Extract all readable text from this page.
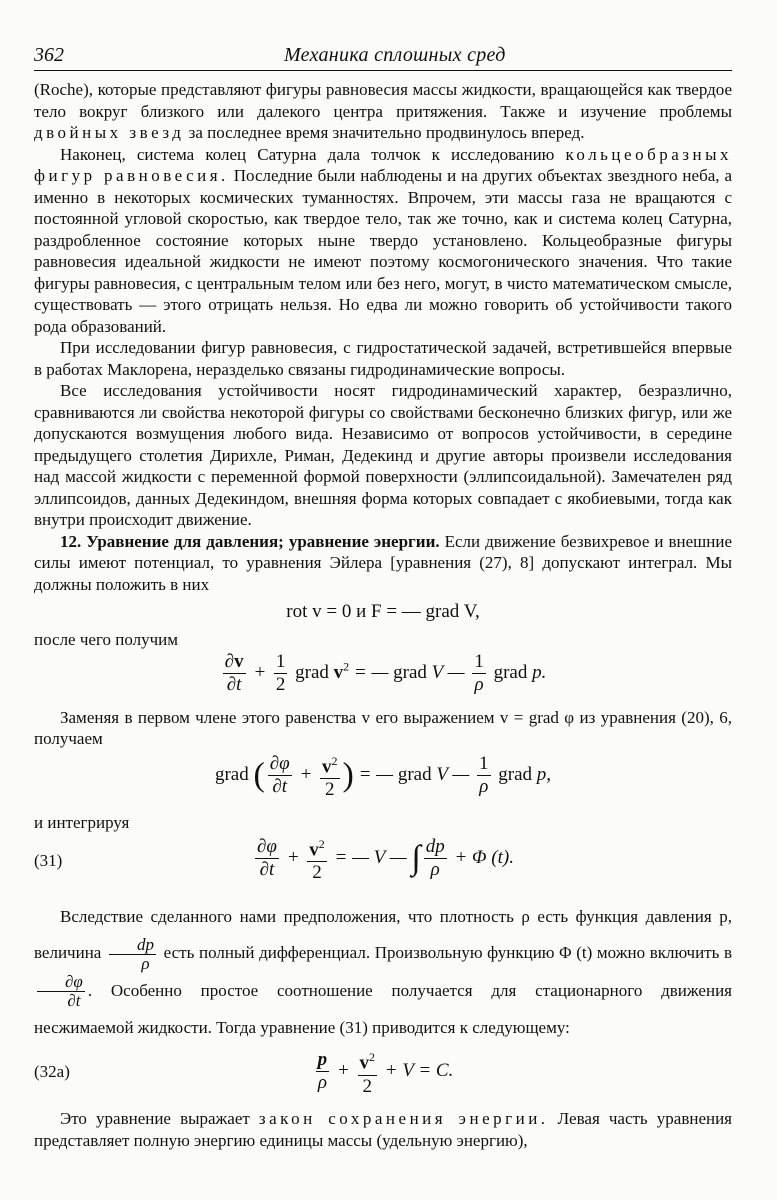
362	Механика сплошных сред

(Roche), которые представляют фигуры равновесия массы жидкости, вращающейся как твердое тело вокруг близкого или далекого центра притяжения. Также и изучение проблемы двойных звезд за последнее время значительно продвинулось вперед.

Наконец, система колец Сатурна дала толчок к исследованию кольцеобразных фигур равновесия. Последние были наблюдены и на других объектах звездного неба, а именно в некоторых космических туманностях. Впрочем, эти массы газа не вращаются с постоянной угловой скоростью, как твердое тело, так же точно, как и система колец Сатурна, раздробленное состояние которых ныне твердо установлено. Кольцеобразные фигуры равновесия идеальной жидкости не имеют поэтому космогонического значения. Что такие фигуры равновесия, с центральным телом или без него, могут, в чисто математическом смысле, существовать — этого отрицать нельзя. Но едва ли можно говорить об устойчивости такого рода образований.

При исследовании фигур равновесия, с гидростатической задачей, встретившейся впервые в работах Маклорена, неразделько связаны гидродинамические вопросы.

Все исследования устойчивости носят гидродинамический характер, безразлично, сравниваются ли свойства некоторой фигуры со свойствами бесконечно близких фигур, или же допускаются возмущения любого вида. Независимо от вопросов устойчивости, в середине предыдущего столетия Дирихле, Риман, Дедекинд и другие авторы произвели исследования над массой жидкости с переменной формой поверхности (эллипсоидальной). Замечателен ряд эллипсоидов, данных Дедекиндом, внешняя форма которых совпадает с якобиевыми, тогда как внутри происходит движение.

12. Уравнение для давления; уравнение энергии. Если движение безвихревое и внешние силы имеют потенциал, то уравнения Эйлера [уравнения (27), 8] допускают интеграл. Мы должны положить в них

rot v = 0 и F = — grad V,

после чего получим

$\frac{\partial v}{\partial t} + \frac{1}{2}$ grad $v^2$ = — grad V — $\frac{1}{\rho}$ grad p.

Заменяя в первом члене этого равенства v его выражением v = grad φ из уравнения (20), 6, получаем

grad ( $\frac{\partial\varphi}{\partial t} + \frac{v^2}{2}$ ) = — grad V — $\frac{1}{\rho}$ grad p,

и интегрируя

(31)	$\frac{\partial\varphi}{\partial t} + \frac{v^2}{2}$ = — V — ∫ $\frac{dp}{\rho} + \Phi$ (t).

Вследствие сделанного нами предположения, что плотность ρ есть функция давления p, величина $\frac{dp}{\rho}$ есть полный дифференциал. Произвольную функцию Φ (t) можно включить в
$\frac{\partial\varphi}{\partial t}$ . Особенно простое соотношение получается для стационарного движения несжимаемой жидкости. Тогда уравнение (31) приводится к следующему:

(32a)	$\frac{p}{\rho} + \frac{v^2}{2} + V = C$.

Это уравнение выражает закон сохранения энергии. Левая часть уравнения представляет полную энергию единицы массы (удельную энергию),
